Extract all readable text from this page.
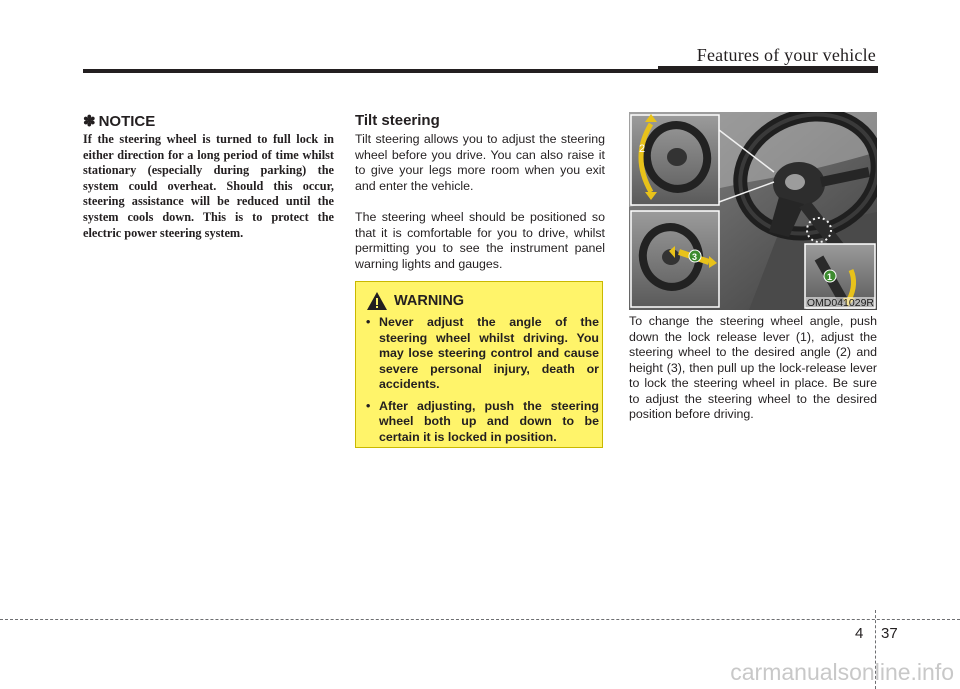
Features of your vehicle
✽ NOTICE
If the steering wheel is turned to full lock in either direction for a long period of time whilst stationary (especially during parking) the system could overheat. Should this occur, steering assistance will be reduced until the system cools down. This is to protect the electric power steering system.
Tilt steering
Tilt steering allows you to adjust the steering wheel before you drive. You can also raise it to give your legs more room when you exit and enter the vehicle.
The steering wheel should be positioned so that it is comfortable for you to drive, whilst permitting you to see the instrument panel warning lights and gauges.
WARNING
• Never adjust the angle of the steering wheel whilst driving. You may lose steering control and cause severe personal injury, death or accidents.
• After adjusting, push the steering wheel both up and down to be certain it is locked in position.
2
3
1
OMD041029R
To change the steering wheel angle, push down the lock release lever (1), adjust the steering wheel to the desired angle (2) and height (3), then pull up the lock-release lever to lock the steering wheel in place. Be sure to adjust the steering wheel to the desired position before driving.
4 37
carmanualsonline.info
